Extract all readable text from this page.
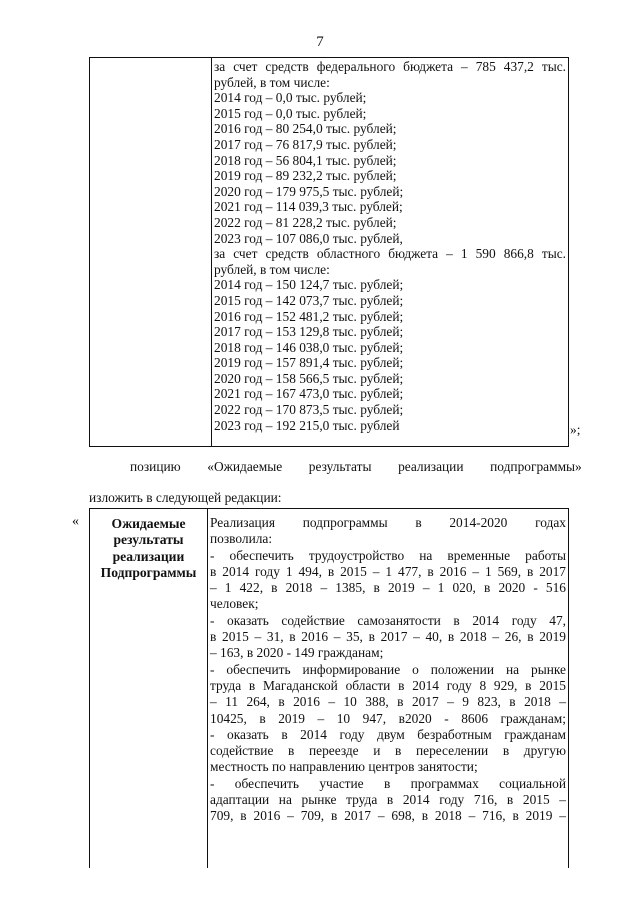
7
за счет средств федерального бюджета – 785 437,2 тыс.
рублей, в том числе:
2014 год – 0,0 тыс. рублей;
2015 год – 0,0 тыс. рублей;
2016 год – 80 254,0 тыс. рублей;
2017 год – 76 817,9 тыс. рублей;
2018 год – 56 804,1 тыс. рублей;
2019 год – 89 232,2 тыс. рублей;
2020 год – 179 975,5 тыс. рублей;
2021 год – 114 039,3 тыс. рублей;
2022 год – 81 228,2 тыс. рублей;
2023 год – 107 086,0 тыс. рублей,
за счет средств областного бюджета – 1 590 866,8 тыс.
рублей, в том числе:
2014 год – 150 124,7 тыс. рублей;
2015 год – 142 073,7 тыс. рублей;
2016 год – 152 481,2 тыс. рублей;
2017 год – 153 129,8 тыс. рублей;
2018 год – 146 038,0 тыс. рублей;
2019 год – 157 891,4 тыс. рублей;
2020 год – 158 566,5 тыс. рублей;
2021 год – 167 473,0 тыс. рублей;
2022 год – 170 873,5 тыс. рублей;
2023 год – 192 215,0 тыс. рублей	»;
позицию «Ожидаемые результаты реализации подпрограммы»
изложить в следующей редакции:
«	Ожидаемые
результаты
реализации
Подпрограммы
Реализация подпрограммы в 2014-2020 годах
позволила:
- обеспечить трудоустройство на временные работы
в 2014 году 1 494, в 2015 – 1 477, в 2016 – 1 569, в 2017
– 1 422, в 2018 – 1385, в 2019 – 1 020, в 2020 - 516
человек;
- оказать содействие самозанятости в 2014 году 47,
в 2015 – 31, в 2016 – 35, в 2017 – 40, в 2018 – 26, в 2019
– 163, в 2020 - 149 гражданам;
- обеспечить информирование о положении на рынке
труда в Магаданской области в 2014 году 8 929, в 2015
– 11 264, в 2016 – 10 388, в 2017 – 9 823, в 2018 –
10425, в 2019 – 10 947, в2020 - 8606 гражданам;
- оказать в 2014 году двум безработным гражданам
содействие в переезде и в переселении в другую
местность по направлению центров занятости;
- обеспечить участие в программах социальной
адаптации на рынке труда в 2014 году 716, в 2015 –
709, в 2016 – 709, в 2017 – 698, в 2018 – 716, в 2019 –
